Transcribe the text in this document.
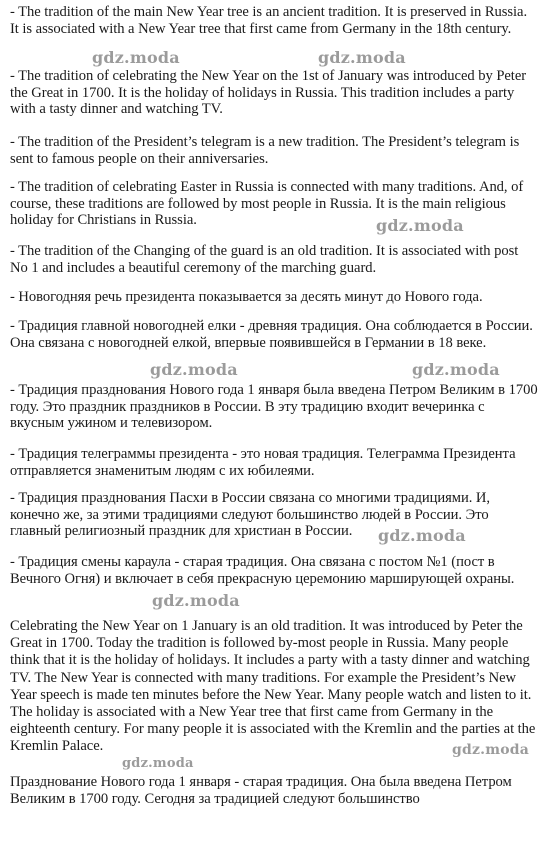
- The tradition of the main New Year tree is an ancient tradition. It is preserved in Russia. It is associated with a New Year tree that first came from Germany in the 18th century.

- The tradition of celebrating the New Year on the 1st of January was introduced by Peter the Great in 1700. It is the holiday of holidays in Russia. This tradition includes a party with a tasty dinner and watching TV.

- The tradition of the President’s telegram is a new tradition. The President’s telegram is sent to famous people on their anniversaries.

- The tradition of celebrating Easter in Russia is connected with many traditions. And, of course, these traditions are followed by most people in Russia. It is the main religious holiday for Christians in Russia.

- The tradition of the Changing of the guard is an old tradition. It is associated with post No 1 and includes a beautiful ceremony of the marching guard.

- Новогодняя речь президента показывается за десять минут до Нового года.

- Традиция главной новогодней елки - древняя традиция. Она соблюдается в России. Она связана с новогодней елкой, впервые появившейся в Германии в 18 веке.

- Традиция празднования Нового года 1 января была введена Петром Великим в 1700 году. Это праздник праздников в России. В эту традицию входит вечеринка с вкусным ужином и телевизором.

- Традиция телеграммы президента - это новая традиция. Телеграмма Президента отправляется знаменитым людям с их юбилеями.

- Традиция празднования Пасхи в России связана со многими традициями. И, конечно же, за этими традициями следуют большинство людей в России. Это главный религиозный праздник для христиан в России.

- Традиция смены караула - старая традиция. Она связана с постом №1 (пост в Вечного Огня) и включает в себя прекрасную церемонию марширующей охраны.

Celebrating the New Year on 1 January is an old tradition. It was introduced by Peter the Great in 1700. Today the tradition is followed by-most people in Russia. Many people think that it is the holiday of holidays. It includes a party with a tasty dinner and watching TV. The New Year is connected with many traditions. For example the President’s New Year speech is made ten minutes before the New Year. Many people watch and listen to it. The holiday is associated with a New Year tree that first came from Germany in the eighteenth century. For many people it is associated with the Kremlin and the parties at the Kremlin Palace.

Празднование Нового года 1 января - старая традиция. Она была введена Петром Великим в 1700 году. Сегодня за традицией следуют большинство

gdz.moda	gdz.moda
gdz.moda
gdz.moda	gdz.moda
gdz.moda
gdz.moda
gdz.moda
gdz.moda
